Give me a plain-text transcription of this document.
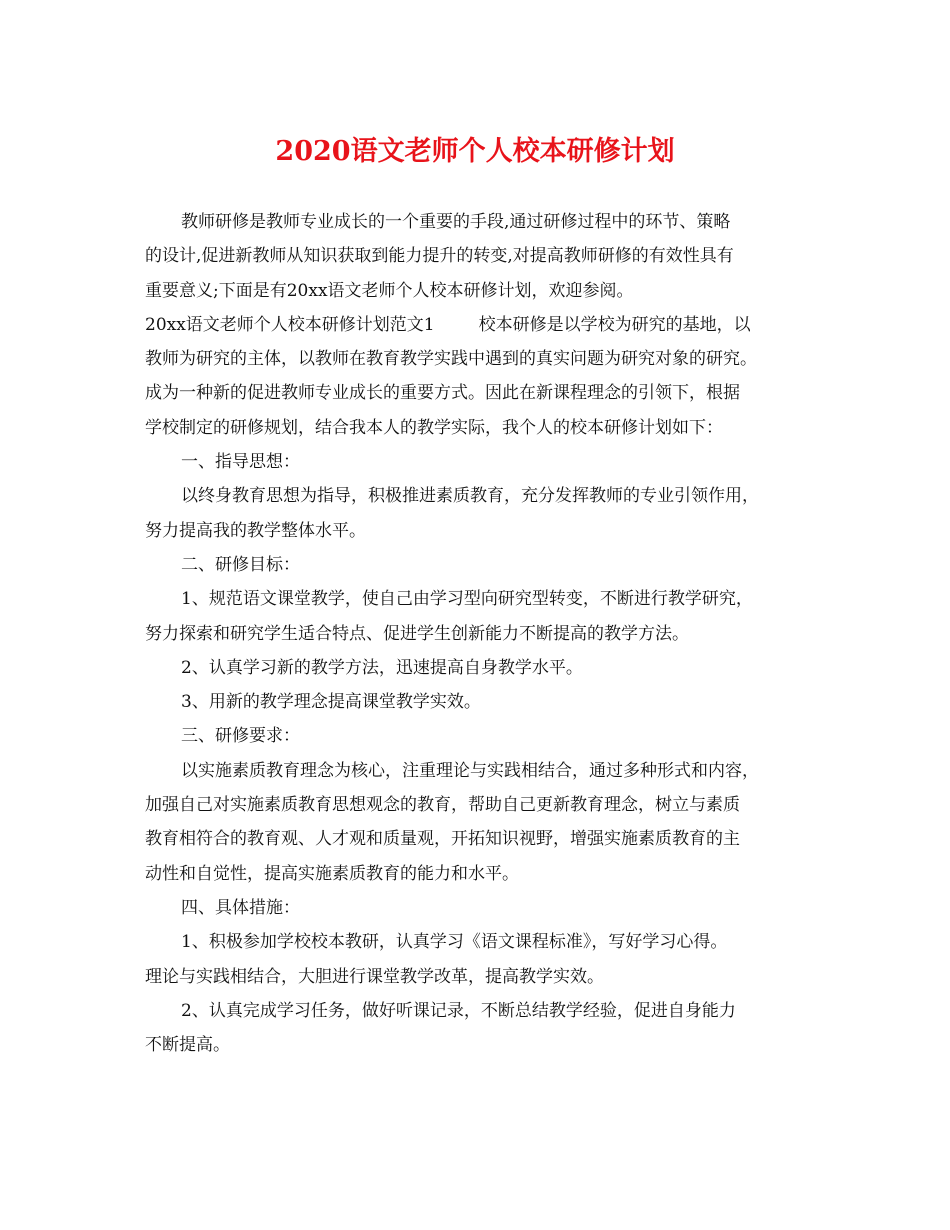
2020语文老师个人校本研修计划
教师研修是教师专业成长的一个重要的手段,通过研修过程中的环节、策略
的设计,促进新教师从知识获取到能力提升的转变,对提高教师研修的有效性具有
重要意义;下面是有20xx语文老师个人校本研修计划，欢迎参阅。
20xx语文老师个人校本研修计划范文1	校本研修是以学校为研究的基地，以
教师为研究的主体，以教师在教育教学实践中遇到的真实问题为研究对象的研究。
成为一种新的促进教师专业成长的重要方式。因此在新课程理念的引领下，根据
学校制定的研修规划，结合我本人的教学实际，我个人的校本研修计划如下：
一、指导思想：
以终身教育思想为指导，积极推进素质教育，充分发挥教师的专业引领作用，
努力提高我的教学整体水平。
二、研修目标：
1、规范语文课堂教学，使自己由学习型向研究型转变，不断进行教学研究，
努力探索和研究学生适合特点、促进学生创新能力不断提高的教学方法。
2、认真学习新的教学方法，迅速提高自身教学水平。
3、用新的教学理念提高课堂教学实效。
三、研修要求：
以实施素质教育理念为核心，注重理论与实践相结合，通过多种形式和内容，
加强自己对实施素质教育思想观念的教育，帮助自己更新教育理念，树立与素质
教育相符合的教育观、人才观和质量观，开拓知识视野，增强实施素质教育的主
动性和自觉性，提高实施素质教育的能力和水平。
四、具体措施：
1、积极参加学校校本教研，认真学习《语文课程标准》，写好学习心得。
理论与实践相结合，大胆进行课堂教学改革，提高教学实效。
2、认真完成学习任务，做好听课记录，不断总结教学经验，促进自身能力
不断提高。
